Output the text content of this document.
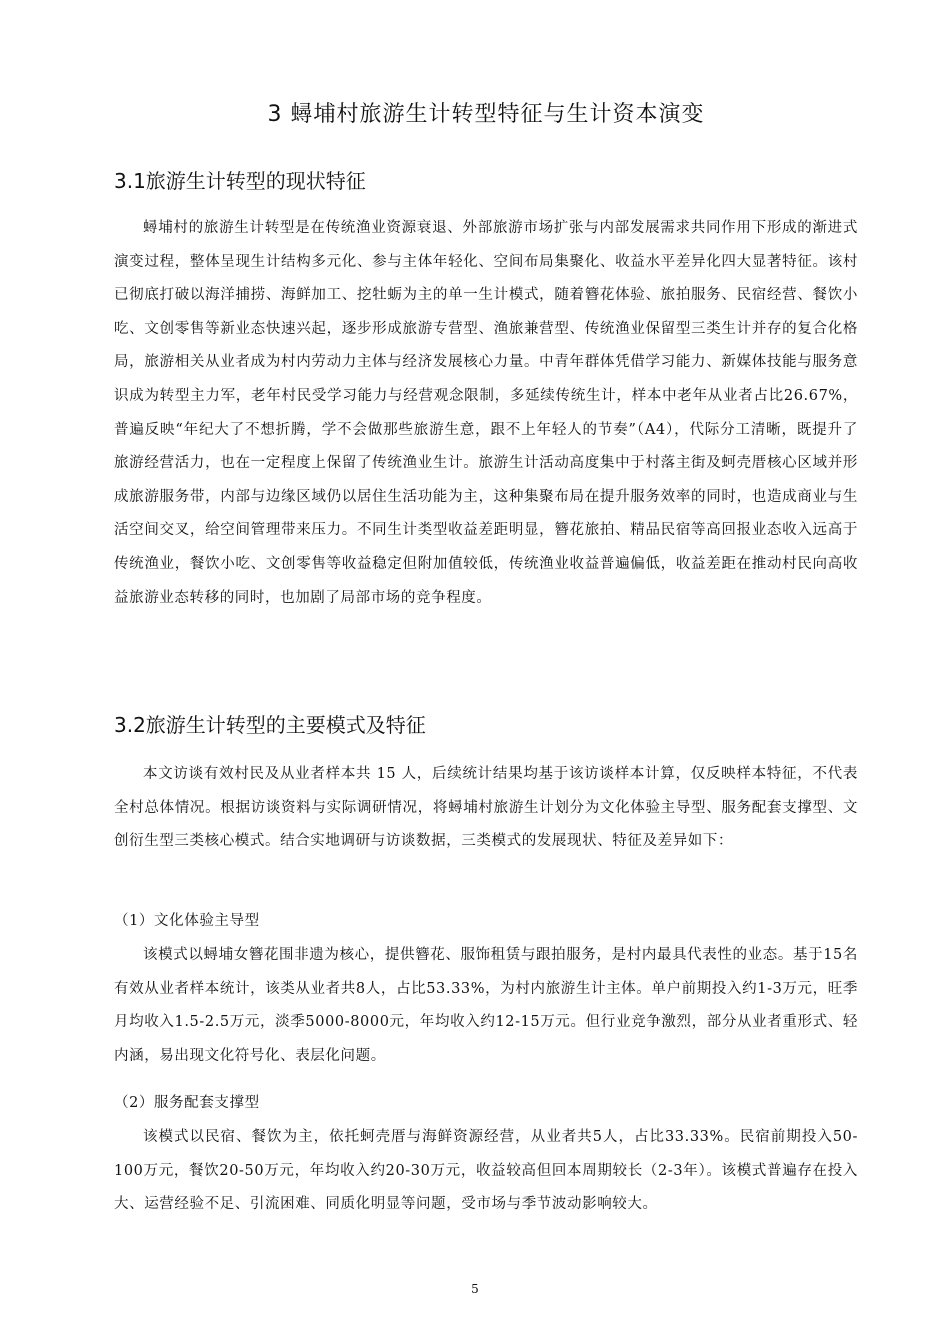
3 蟳埔村旅游生计转型特征与生计资本演变
3.1旅游生计转型的现状特征

蟳埔村的旅游生计转型是在传统渔业资源衰退、外部旅游市场扩张与内部发展需求共同作用下形成的渐进式演变过程，整体呈现生计结构多元化、参与主体年轻化、空间布局集聚化、收益水平差异化四大显著特征。该村已彻底打破以海洋捕捞、海鲜加工、挖牡蛎为主的单一生计模式，随着簪花体验、旅拍服务、民宿经营、餐饮小吃、文创零售等新业态快速兴起，逐步形成旅游专营型、渔旅兼营型、传统渔业保留型三类生计并存的复合化格局，旅游相关从业者成为村内劳动力主体与经济发展核心力量。中青年群体凭借学习能力、新媒体技能与服务意识成为转型主力军，老年村民受学习能力与经营观念限制，多延续传统生计，样本中老年从业者占比26.67%，普遍反映“年纪大了不想折腾，学不会做那些旅游生意，跟不上年轻人的节奏”（A4），代际分工清晰，既提升了旅游经营活力，也在一定程度上保留了传统渔业生计。旅游生计活动高度集中于村落主街及蚵壳厝核心区域并形成旅游服务带，内部与边缘区域仍以居住生活功能为主，这种集聚布局在提升服务效率的同时，也造成商业与生活空间交叉，给空间管理带来压力。不同生计类型收益差距明显，簪花旅拍、精品民宿等高回报业态收入远高于传统渔业，餐饮小吃、文创零售等收益稳定但附加值较低，传统渔业收益普遍偏低，收益差距在推动村民向高收益旅游业态转移的同时，也加剧了局部市场的竞争程度。

3.2旅游生计转型的主要模式及特征

本文访谈有效村民及从业者样本共 15 人，后续统计结果均基于该访谈样本计算，仅反映样本特征，不代表全村总体情况。根据访谈资料与实际调研情况，将蟳埔村旅游生计划分为文化体验主导型、服务配套支撑型、文创衍生型三类核心模式。结合实地调研与访谈数据，三类模式的发展现状、特征及差异如下：

（1）文化体验主导型

该模式以蟳埔女簪花围非遗为核心，提供簪花、服饰租赁与跟拍服务，是村内最具代表性的业态。基于15名有效从业者样本统计，该类从业者共8人，占比53.33%，为村内旅游生计主体。单户前期投入约1-3万元，旺季月均收入1.5-2.5万元，淡季5000-8000元，年均收入约12-15万元。但行业竞争激烈，部分从业者重形式、轻内涵，易出现文化符号化、表层化问题。

（2）服务配套支撑型

该模式以民宿、餐饮为主，依托蚵壳厝与海鲜资源经营，从业者共5人，占比33.33%。民宿前期投入50-100万元，餐饮20-50万元，年均收入约20-30万元，收益较高但回本周期较长（2-3年）。该模式普遍存在投入大、运营经验不足、引流困难、同质化明显等问题，受市场与季节波动影响较大。

5
